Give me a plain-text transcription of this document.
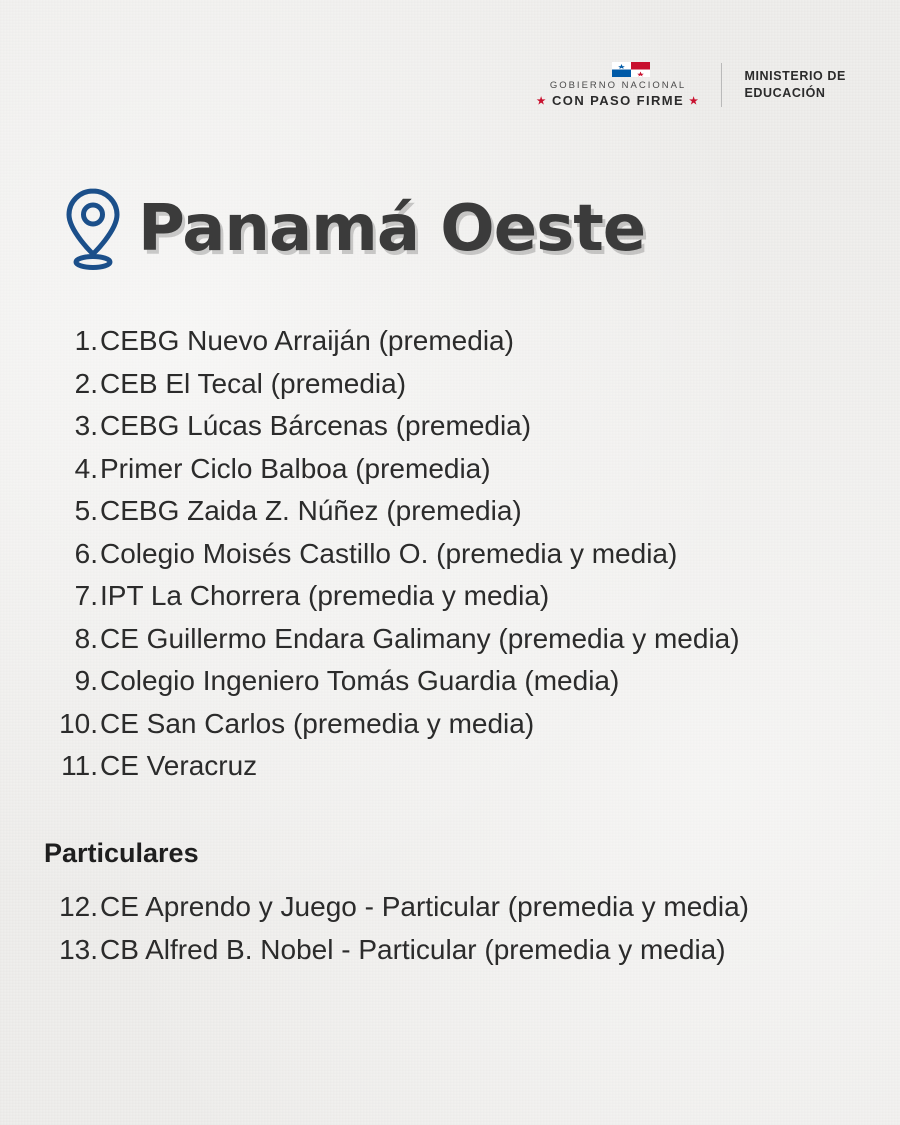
GOBIERNO NACIONAL
★ CON PASO FIRME ★
MINISTERIO DE
EDUCACIÓN
Panamá Oeste
1. CEBG Nuevo Arraiján (premedia)
2. CEB El Tecal (premedia)
3. CEBG Lúcas Bárcenas (premedia)
4. Primer Ciclo Balboa (premedia)
5. CEBG Zaida Z. Núñez (premedia)
6. Colegio Moisés Castillo O. (premedia y media)
7. IPT La Chorrera (premedia y media)
8. CE Guillermo Endara Galimany (premedia y media)
9. Colegio Ingeniero Tomás Guardia (media)
10. CE San Carlos (premedia y media)
11. CE Veracruz
Particulares
12. CE Aprendo y Juego - Particular (premedia y media)
13. CB Alfred B. Nobel - Particular (premedia y media)
